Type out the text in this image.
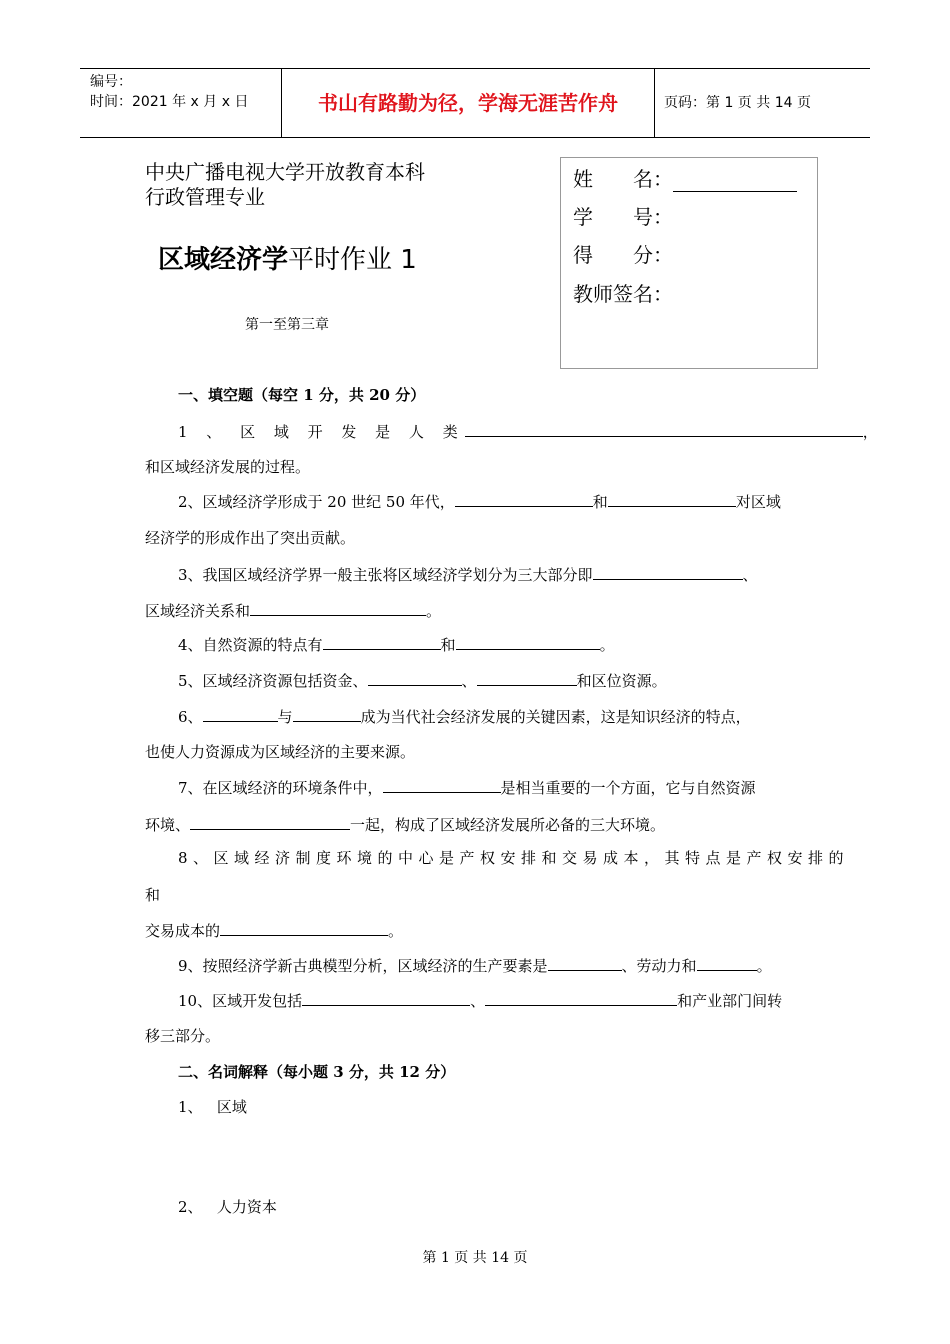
编号：
时间：2021 年 x 月 x 日	书山有路勤为径，学海无涯苦作舟	页码：第 1 页 共 14 页
中央广播电视大学开放教育本科
行政管理专业
区域经济学平时作业 1
第一至第三章
姓　　名：
学　　号：
得　　分：
教师签名：
一、填空题（每空 1 分，共 20 分）
1 、 区 域 开 发 是 人 类	，
和区域经济发展的过程。
2、区域经济学形成于 20 世纪 50 年代，	和	对区域
经济学的形成作出了突出贡献。
3、我国区域经济学界一般主张将区域经济学划分为三大部分即	、
区域经济关系和	。
4、自然资源的特点有	和	。
5、区域经济资源包括资金、	、	和区位资源。
6、	与	成为当代社会经济发展的关键因素，这是知识经济的特点，
也使人力资源成为区域经济的主要来源。
7、在区域经济的环境条件中，	是相当重要的一个方面，它与自然资源
环境、	一起，构成了区域经济发展所必备的三大环境。
8、区域经济制度环境的中心是产权安排和交易成本，其特点是产权安排的
和
交易成本的	。
9、按照经济学新古典模型分析，区域经济的生产要素是	、劳动力和	。
10、区域开发包括	、	和产业部门间转
移三部分。
二、名词解释（每小题 3 分，共 12 分）
1、   区域
2、   人力资本
第 1 页 共 14 页
